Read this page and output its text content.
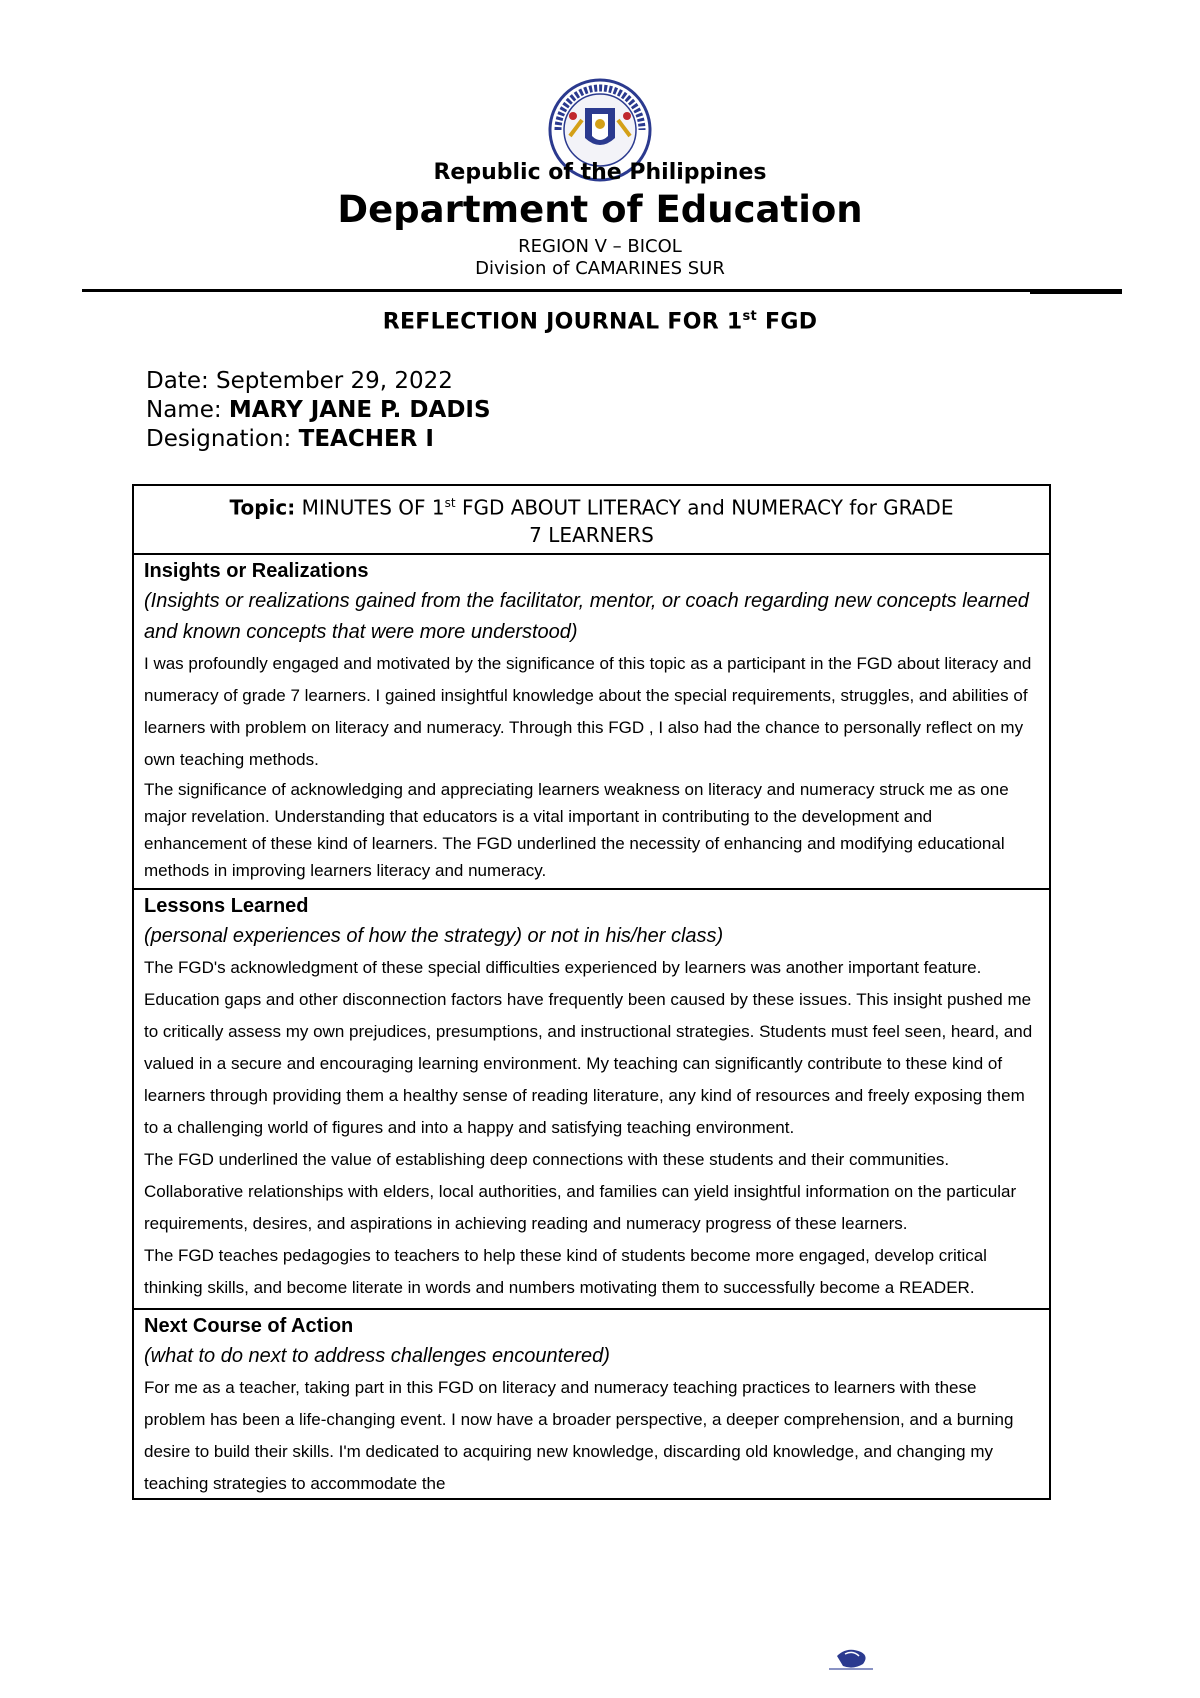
Republic of the Philippines
Department of Education
REGION V – BICOL
Division of CAMARINES SUR
REFLECTION JOURNAL FOR 1st FGD
Date: September 29, 2022
Name: MARY JANE P. DADIS
Designation: TEACHER I
Topic: MINUTES OF 1st FGD ABOUT LITERACY and NUMERACY for GRADE
7 LEARNERS
Insights or Realizations
(Insights or realizations gained from the facilitator, mentor, or coach regarding new concepts learned and known concepts that were more understood)
I was profoundly engaged and motivated by the significance of this topic as a participant in the FGD about literacy and numeracy of grade 7 learners. I gained insightful knowledge about the special requirements, struggles, and abilities of learners with problem on literacy and numeracy. Through this FGD , I also had the chance to personally reflect on my own teaching methods.
The significance of acknowledging and appreciating learners weakness on literacy and numeracy struck me as one major revelation. Understanding that educators is a vital important in contributing to the development and enhancement of these kind of learners. The FGD underlined the necessity of enhancing and modifying educational methods in improving learners literacy and numeracy.
Lessons Learned
(personal experiences of how the strategy) or not in his/her class)
The FGD's acknowledgment of these special difficulties experienced by learners was another important feature. Education gaps and other disconnection factors have frequently been caused by these issues. This insight pushed me to critically assess my own prejudices, presumptions, and instructional strategies. Students must feel seen, heard, and valued in a secure and encouraging learning environment. My teaching can significantly contribute to these kind of learners through providing them a healthy sense of reading literature, any kind of resources and freely exposing them to a challenging world of figures and into a happy and satisfying teaching environment.
The FGD underlined the value of establishing deep connections with these students and their communities. Collaborative relationships with elders, local authorities, and families can yield insightful information on the particular requirements, desires, and aspirations in achieving reading and numeracy progress of these learners.
The FGD teaches pedagogies to teachers to help these kind of students become more engaged, develop critical thinking skills, and become literate in words and numbers motivating them to successfully become a READER.
Next Course of Action
(what to do next to address challenges encountered)
For me as a teacher, taking part in this FGD on literacy and numeracy teaching practices to learners with these problem has been a life-changing event. I now have a broader perspective, a deeper comprehension, and a burning desire to build their skills. I'm dedicated to acquiring new knowledge, discarding old knowledge, and changing my teaching strategies to accommodate the
